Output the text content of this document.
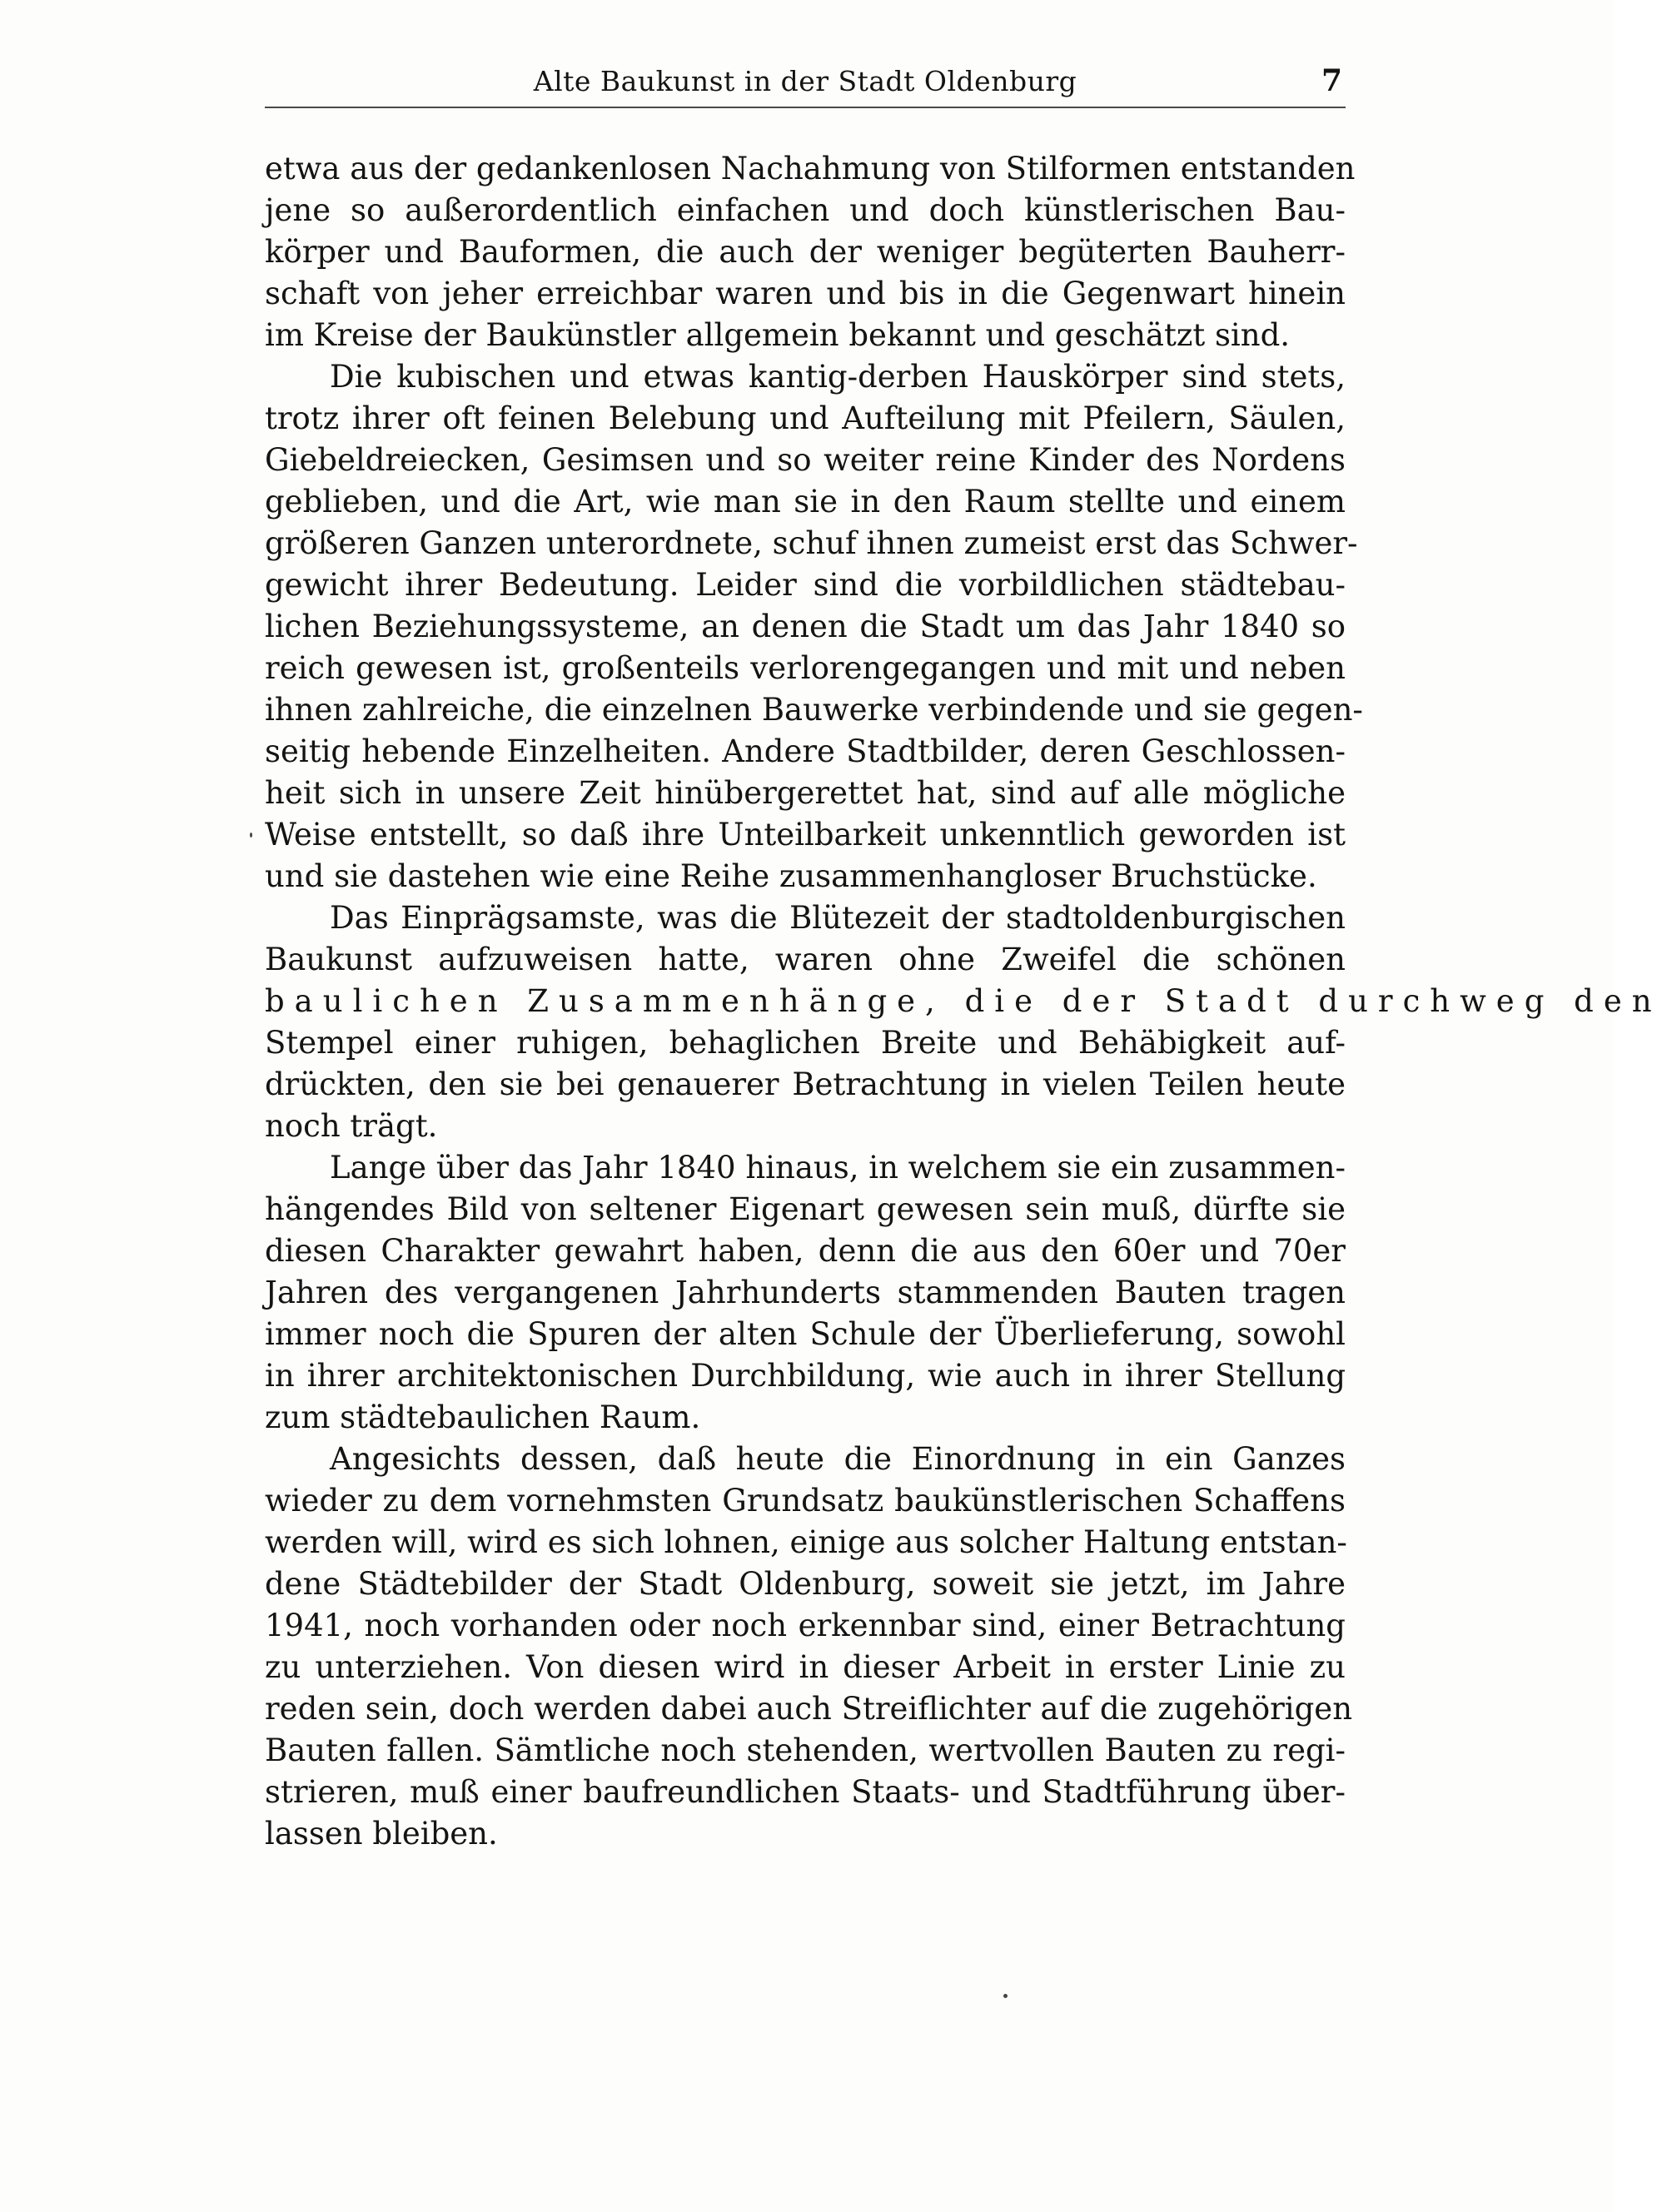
Alte Baukunst in der Stadt Oldenburg	7
etwa aus der gedankenlosen Nachahmung von Stilformen entstanden
jene so außerordentlich einfachen und doch künstlerischen Bau-
körper und Bauformen, die auch der weniger begüterten Bauherr-
schaft von jeher erreichbar waren und bis in die Gegenwart hinein
im Kreise der Baukünstler allgemein bekannt und geschätzt sind.
Die kubischen und etwas kantig-derben Hauskörper sind stets,
trotz ihrer oft feinen Belebung und Aufteilung mit Pfeilern, Säulen,
Giebeldreiecken, Gesimsen und so weiter reine Kinder des Nordens
geblieben, und die Art, wie man sie in den Raum stellte und einem
größeren Ganzen unterordnete, schuf ihnen zumeist erst das Schwer-
gewicht ihrer Bedeutung. Leider sind die vorbildlichen städtebau-
lichen Beziehungssysteme, an denen die Stadt um das Jahr 1840 so
reich gewesen ist, großenteils verlorengegangen und mit und neben
ihnen zahlreiche, die einzelnen Bauwerke verbindende und sie gegen-
seitig hebende Einzelheiten. Andere Stadtbilder, deren Geschlossen-
heit sich in unsere Zeit hinübergerettet hat, sind auf alle mögliche
Weise entstellt, so daß ihre Unteilbarkeit unkenntlich geworden ist
und sie dastehen wie eine Reihe zusammenhangloser Bruchstücke.
Das Einprägsamste, was die Blütezeit der stadtoldenburgischen
Baukunst aufzuweisen hatte, waren ohne Zweifel die schönen
baulichen Zusammenhänge, die der Stadt durchweg den
Stempel einer ruhigen, behaglichen Breite und Behäbigkeit auf-
drückten, den sie bei genauerer Betrachtung in vielen Teilen heute
noch trägt.
Lange über das Jahr 1840 hinaus, in welchem sie ein zusammen-
hängendes Bild von seltener Eigenart gewesen sein muß, dürfte sie
diesen Charakter gewahrt haben, denn die aus den 60er und 70er
Jahren des vergangenen Jahrhunderts stammenden Bauten tragen
immer noch die Spuren der alten Schule der Überlieferung, sowohl
in ihrer architektonischen Durchbildung, wie auch in ihrer Stellung
zum städtebaulichen Raum.
Angesichts dessen, daß heute die Einordnung in ein Ganzes
wieder zu dem vornehmsten Grundsatz baukünstlerischen Schaffens
werden will, wird es sich lohnen, einige aus solcher Haltung entstan-
dene Städtebilder der Stadt Oldenburg, soweit sie jetzt, im Jahre
1941, noch vorhanden oder noch erkennbar sind, einer Betrachtung
zu unterziehen. Von diesen wird in dieser Arbeit in erster Linie zu
reden sein, doch werden dabei auch Streiflichter auf die zugehörigen
Bauten fallen. Sämtliche noch stehenden, wertvollen Bauten zu regi-
strieren, muß einer baufreundlichen Staats- und Stadtführung über-
lassen bleiben.
